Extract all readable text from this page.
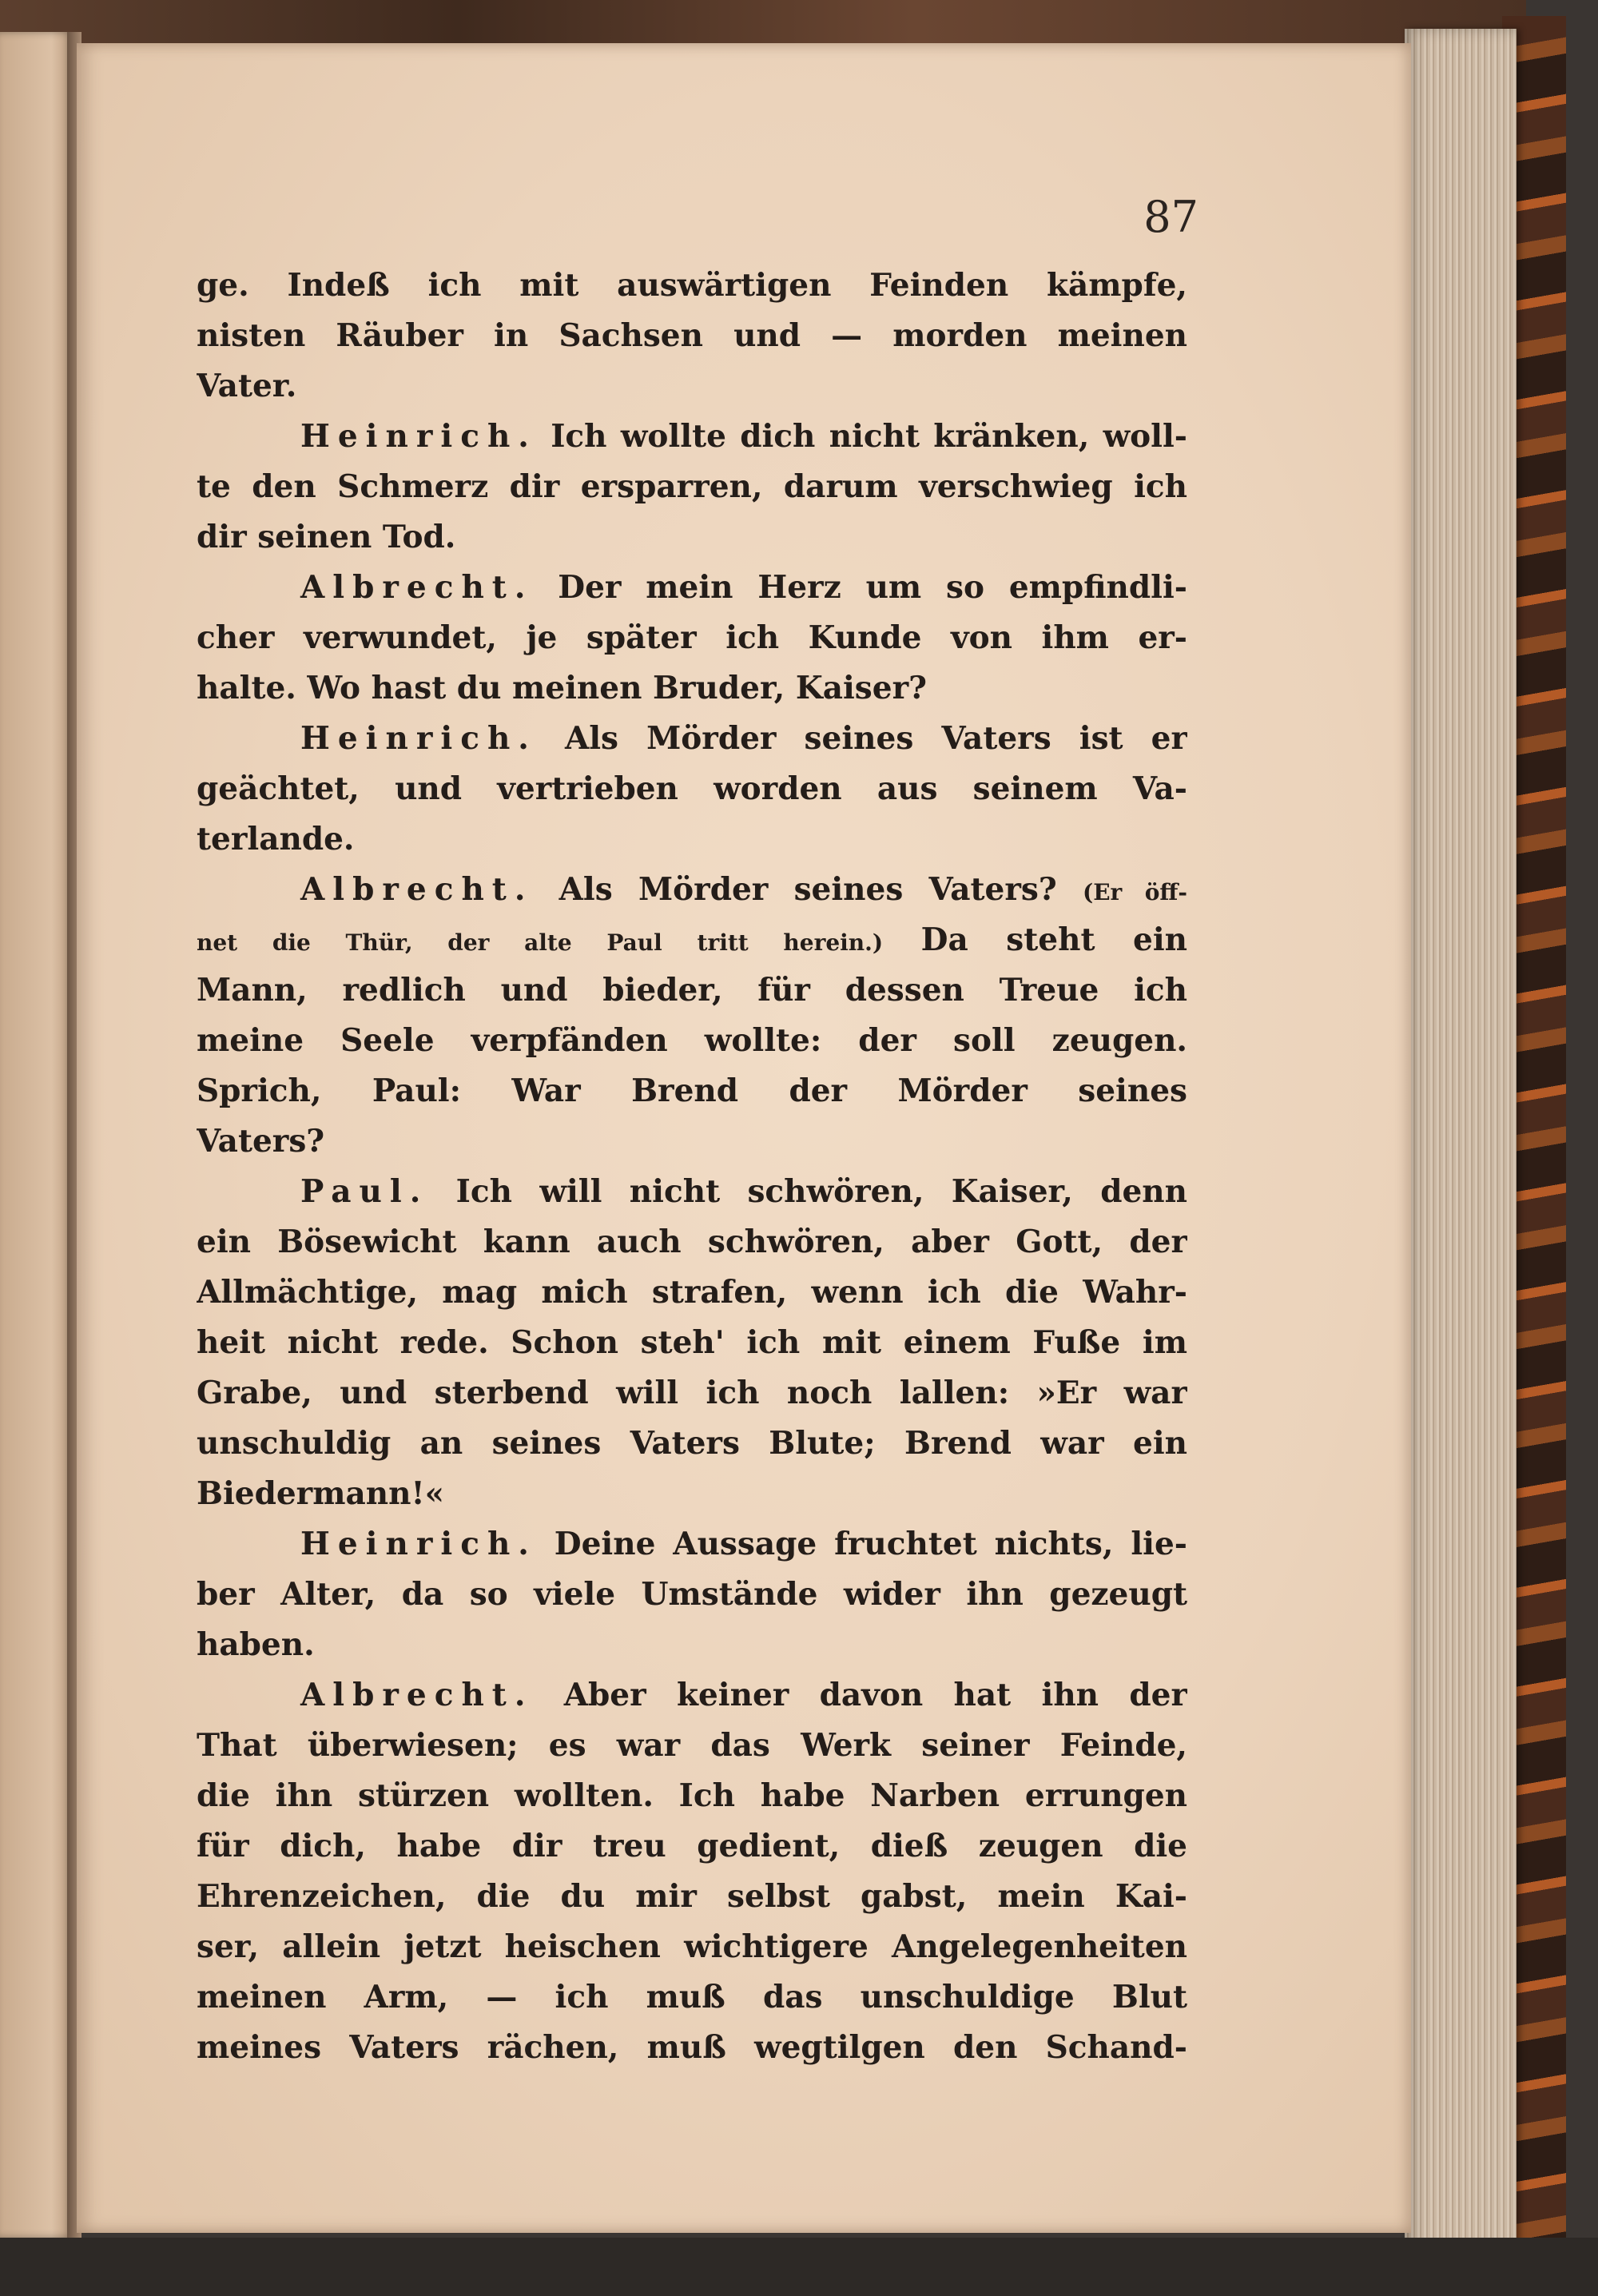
87
ge. Indeß ich mit auswärtigen Feinden kämpfe,
nisten Räuber in Sachsen und — morden meinen
Vater.
Heinrich. Ich wollte dich nicht kränken, woll-
te den Schmerz dir ersparren, darum verschwieg ich
dir seinen Tod.
Albrecht. Der mein Herz um so empfindli-
cher verwundet, je später ich Kunde von ihm er-
halte. Wo hast du meinen Bruder, Kaiser?
Heinrich. Als Mörder seines Vaters ist er
geächtet, und vertrieben worden aus seinem Va-
terlande.
Albrecht. Als Mörder seines Vaters? (Er öff-
net die Thür, der alte Paul tritt herein.) Da steht ein
Mann, redlich und bieder, für dessen Treue ich
meine Seele verpfänden wollte: der soll zeugen.
Sprich, Paul: War Brend der Mörder seines
Vaters?
Paul. Ich will nicht schwören, Kaiser, denn
ein Bösewicht kann auch schwören, aber Gott, der
Allmächtige, mag mich strafen, wenn ich die Wahr-
heit nicht rede. Schon steh' ich mit einem Fuße im
Grabe, und sterbend will ich noch lallen: »Er war
unschuldig an seines Vaters Blute; Brend war ein
Biedermann!«
Heinrich. Deine Aussage fruchtet nichts, lie-
ber Alter, da so viele Umstände wider ihn gezeugt
haben.
Albrecht. Aber keiner davon hat ihn der
That überwiesen; es war das Werk seiner Feinde,
die ihn stürzen wollten. Ich habe Narben errungen
für dich, habe dir treu gedient, dieß zeugen die
Ehrenzeichen, die du mir selbst gabst, mein Kai-
ser, allein jetzt heischen wichtigere Angelegenheiten
meinen Arm, — ich muß das unschuldige Blut
meines Vaters rächen, muß wegtilgen den Schand-
